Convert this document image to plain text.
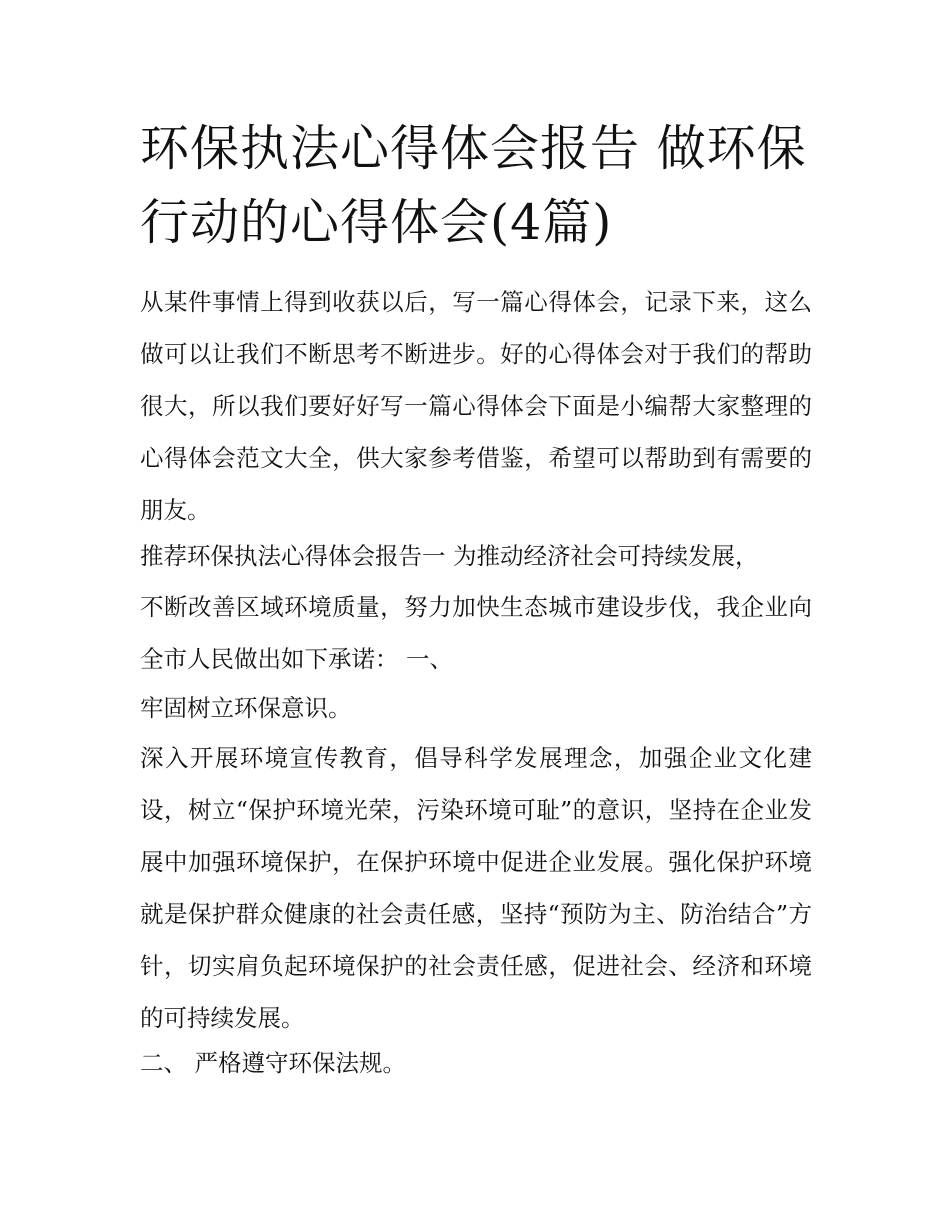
环保执法心得体会报告 做环保行动的心得体会(4篇)

从某件事情上得到收获以后，写一篇心得体会，记录下来，这么做可以让我们不断思考不断进步。好的心得体会对于我们的帮助很大，所以我们要好好写一篇心得体会下面是小编帮大家整理的心得体会范文大全，供大家参考借鉴，希望可以帮助到有需要的朋友。

推荐环保执法心得体会报告一 为推动经济社会可持续发展，

不断改善区域环境质量，努力加快生态城市建设步伐，我企业向全市人民做出如下承诺： 一、

牢固树立环保意识。

深入开展环境宣传教育，倡导科学发展理念，加强企业文化建设，树立“保护环境光荣，污染环境可耻”的意识，坚持在企业发展中加强环境保护，在保护环境中促进企业发展。强化保护环境就是保护群众健康的社会责任感，坚持“预防为主、防治结合”方针，切实肩负起环境保护的社会责任感，促进社会、经济和环境的可持续发展。

二、 严格遵守环保法规。
